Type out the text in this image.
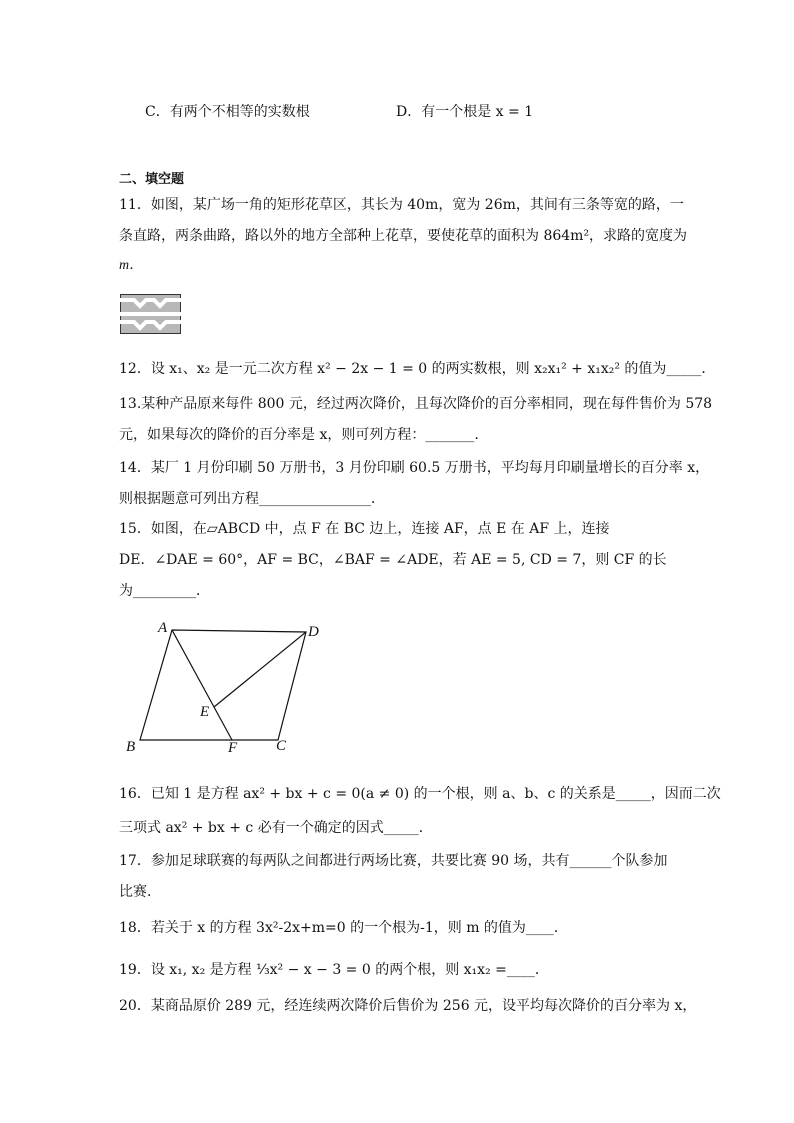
C．有两个不相等的实数根	D．有一个根是 x = 1
二、填空题
11．如图，某广场一角的矩形花草区，其长为 40m，宽为 26m，其间有三条等宽的路，一
条直路，两条曲路，路以外的地方全部种上花草，要使花草的面积为 864m²，求路的宽度为
m．
12．设 x₁、x₂ 是一元二次方程 x² − 2x − 1 = 0 的两实数根，则 x₂x₁² + x₁x₂² 的值为_____．
13.某种产品原来每件 800 元，经过两次降价，且每次降价的百分率相同，现在每件售价为 578
元，如果每次的降价的百分率是 x，则可列方程：_______.
14．某厂 1 月份印刷 50 万册书，3 月份印刷 60.5 万册书，平均每月印刷量增长的百分率 x，
则根据题意可列出方程________________．
15．如图，在▱ABCD 中，点 F 在 BC 边上，连接 AF，点 E 在 AF 上，连接
DE．∠DAE = 60°，AF = BC，∠BAF = ∠ADE，若 AE = 5, CD = 7，则 CF 的长
为_________．
A	D
B	F	C
E
16．已知 1 是方程 ax² + bx + c = 0(a ≠ 0) 的一个根，则 a、b、c 的关系是_____，因而二次
三项式 ax² + bx + c 必有一个确定的因式_____．
17．参加足球联赛的每两队之间都进行两场比赛，共要比赛 90 场，共有______个队参加
比赛．
18．若关于 x 的方程 3x²-2x+m=0 的一个根为-1，则 m 的值为____．
19．设 x₁, x₂ 是方程 ⅓x² − x − 3 = 0 的两个根，则 x₁x₂ =____．
20．某商品原价 289 元，经连续两次降价后售价为 256 元，设平均每次降价的百分率为 x，
